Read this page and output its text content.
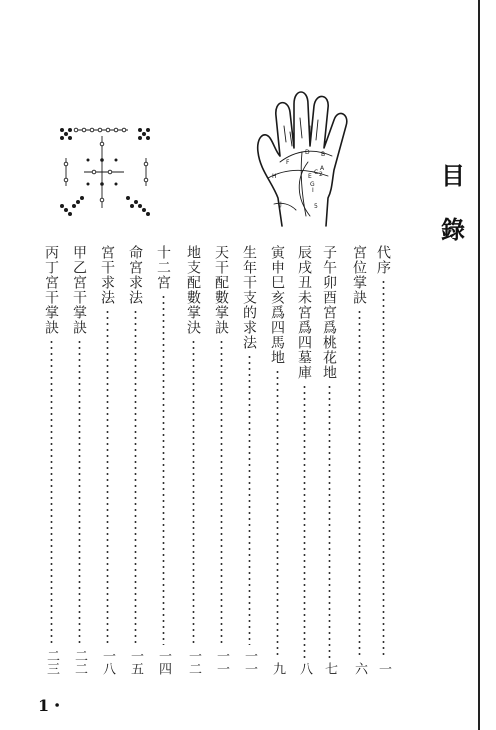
目
錄
D B
F
A
C 2
H	E
G
I
J	5
代序
一
宮位掌訣
六
子午卯酉宮爲桃花地
七
辰戌丑未宮爲四墓庫
八
寅申巳亥爲四馬地
九
生年干支的求法
一一
天干配數掌訣
一一
地支配數掌決
一二
十二宮
一四
命宮求法
一五
宮干求法
一八
甲乙宮干掌訣
二二
丙丁宮干掌訣
二三
1・
